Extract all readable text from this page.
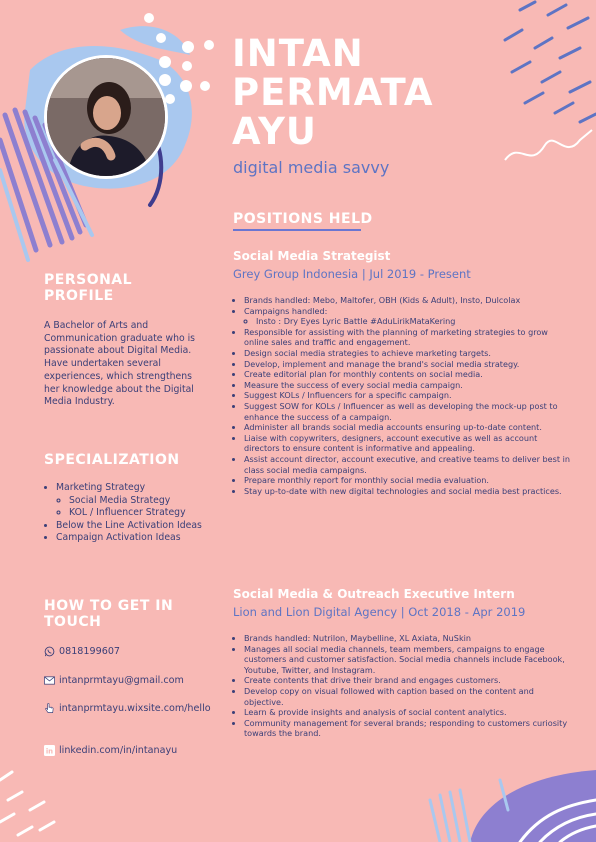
INTAN
PERMATA
AYU
digital media savvy
POSITIONS HELD
Social Media Strategist
Grey Group Indonesia | Jul 2019 - Present
• Brands handled: Mebo, Maltofer, OBH (Kids & Adult), Insto, Dulcolax
• Campaigns handled:
◦ Insto : Dry Eyes Lyric Battle #AduLirikMataKering
• Responsible for assisting with the planning of marketing strategies to grow online sales and traffic and engagement.
• Design social media strategies to achieve marketing targets.
• Develop, implement and manage the brand's social media strategy.
• Create editorial plan for monthly contents on social media.
• Measure the success of every social media campaign.
• Suggest KOLs / Influencers for a specific campaign.
• Suggest SOW for KOLs / Influencer as well as developing the mock-up post to enhance the success of a campaign.
• Administer all brands social media accounts ensuring up-to-date content.
• Liaise with copywriters, designers, account executive as well as account directors to ensure content is informative and appealing.
• Assist account director, account executive, and creative teams to deliver best in class social media campaigns.
• Prepare monthly report for monthly social media evaluation.
• Stay up-to-date with new digital technologies and social media best practices.
Social Media & Outreach Executive Intern
Lion and Lion Digital Agency | Oct 2018 - Apr 2019
• Brands handled: Nutrilon, Maybelline, XL Axiata, NuSkin
• Manages all social media channels, team members, campaigns to engage customers and customer satisfaction. Social media channels include Facebook, Youtube, Twitter, and Instagram.
• Create contents that drive their brand and engages customers.
• Develop copy on visual followed with caption based on the content and objective.
• Learn & provide insights and analysis of social content analytics.
• Community management for several brands; responding to customers curiosity towards the brand.
PERSONAL PROFILE

A Bachelor of Arts and Communication graduate who is passionate about Digital Media. Have undertaken several experiences, which strengthens her knowledge about the Digital Media Industry.

SPECIALIZATION
• Marketing Strategy
◦ Social Media Strategy
◦ KOL / Influencer Strategy
• Below the Line Activation Ideas
• Campaign Activation Ideas
HOW TO GET IN TOUCH
0818199607
intanprmtayu@gmail.com
intanprmtayu.wixsite.com/hello
in linkedin.com/in/intanayu
